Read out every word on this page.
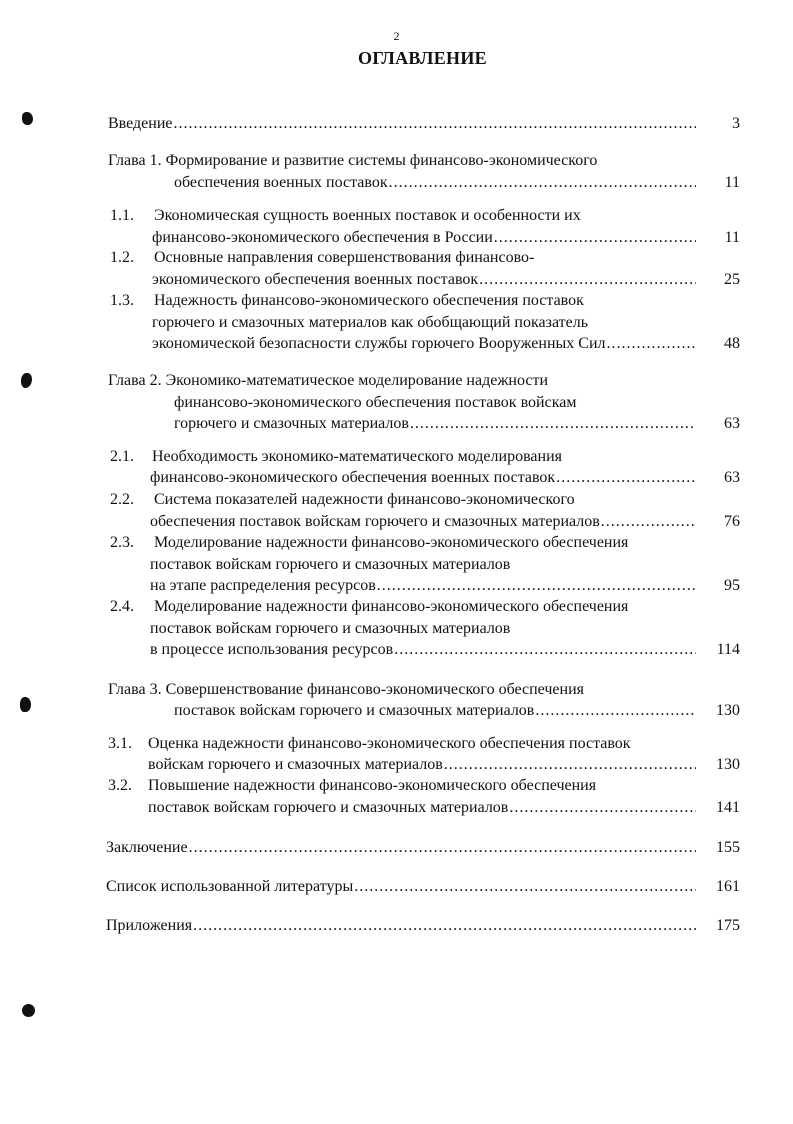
2
ОГЛАВЛЕНИЕ
Введение .....	3
Глава 1. Формирование и развитие системы финансово-экономического
обеспечения военных поставок .....	11
1.1. Экономическая сущность военных поставок и особенности их
финансово-экономического обеспечения в России .....	11
1.2. Основные направления совершенствования финансово-
экономического обеспечения военных поставок .....	25
1.3. Надежность финансово-экономического обеспечения поставок
горючего и смазочных материалов как обобщающий показатель
экономической безопасности службы горючего Вооруженных Сил .....	48
Глава 2. Экономико-математическое моделирование надежности
финансово-экономического обеспечения поставок войскам
горючего и смазочных материалов .....	63
2.1. Необходимость экономико-математического моделирования
финансово-экономического обеспечения военных поставок .....	63
2.2. Система показателей надежности финансово-экономического
обеспечения поставок войскам горючего и смазочных материалов .....	76
2.3. Моделирование надежности финансово-экономического обеспечения
поставок войскам горючего и смазочных материалов
на этапе распределения ресурсов .....	95
2.4. Моделирование надежности финансово-экономического обеспечения
поставок войскам горючего и смазочных материалов
в процессе использования ресурсов .....	114
Глава 3. Совершенствование финансово-экономического обеспечения
поставок войскам горючего и смазочных материалов .....	130
3.1. Оценка надежности финансово-экономического обеспечения поставок
войскам горючего и смазочных материалов .....	130
3.2. Повышение надежности финансово-экономического обеспечения
поставок войскам горючего и смазочных материалов .....	141
Заключение .....	155
Список использованной литературы .....	161
Приложения .....	175
